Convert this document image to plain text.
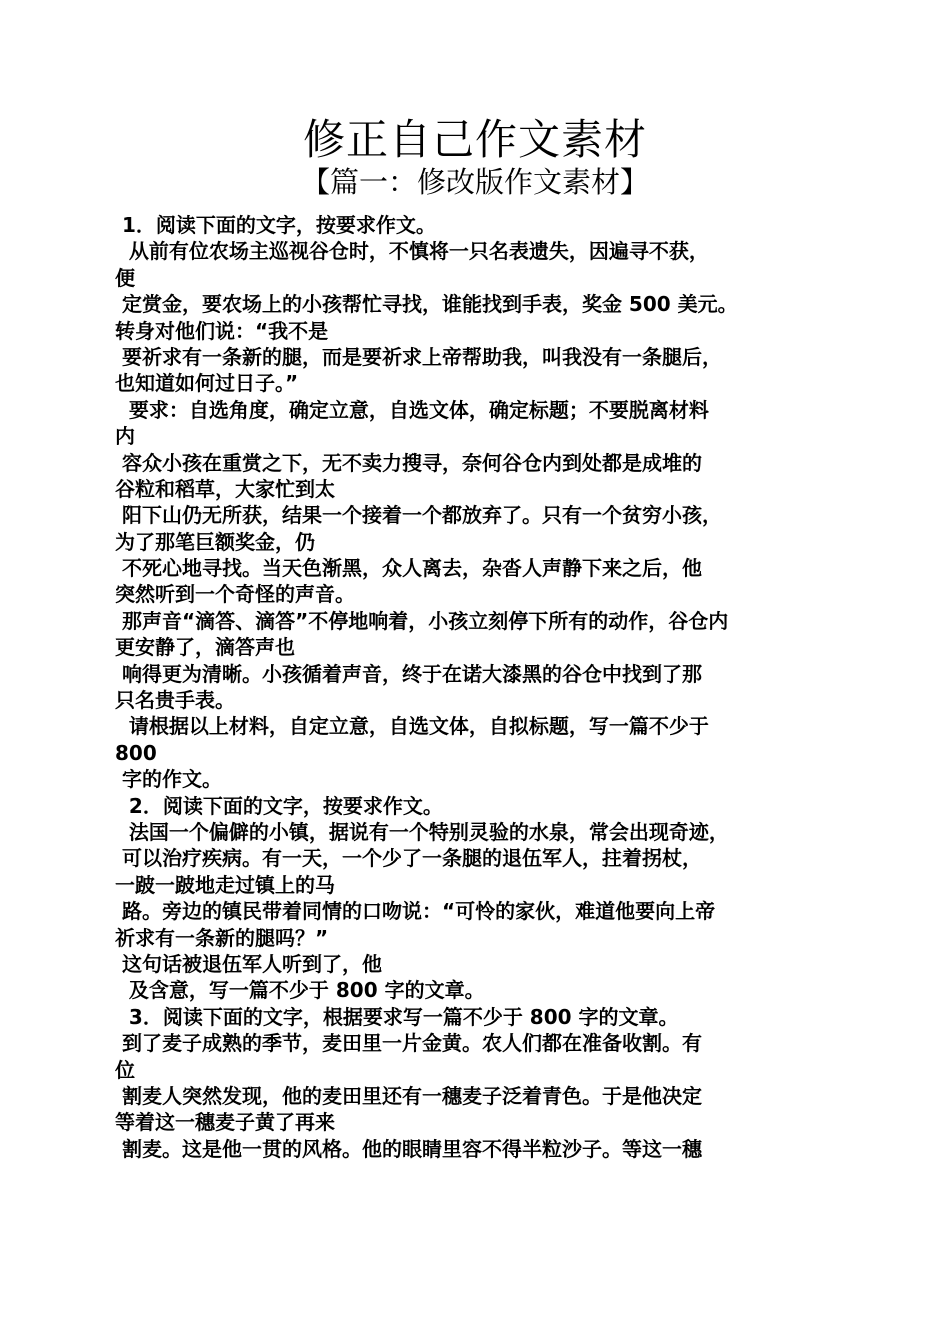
修正自己作文素材
【篇一：修改版作文素材】
1．阅读下面的文字，按要求作文。
从前有位农场主巡视谷仓时，不慎将一只名表遗失，因遍寻不获，
便
定赏金，要农场上的小孩帮忙寻找，谁能找到手表，奖金 500 美元。
转身对他们说：“我不是
要祈求有一条新的腿，而是要祈求上帝帮助我，叫我没有一条腿后，
也知道如何过日子。”
要求：自选角度，确定立意，自选文体，确定标题；不要脱离材料
内
容众小孩在重赏之下，无不卖力搜寻，奈何谷仓内到处都是成堆的
谷粒和稻草，大家忙到太
阳下山仍无所获，结果一个接着一个都放弃了。只有一个贫穷小孩，
为了那笔巨额奖金，仍
不死心地寻找。当天色渐黑，众人离去，杂沓人声静下来之后，他
突然听到一个奇怪的声音。
那声音“滴答、滴答”不停地响着，小孩立刻停下所有的动作，谷仓内
更安静了，滴答声也
响得更为清晰。小孩循着声音，终于在诺大漆黑的谷仓中找到了那
只名贵手表。
请根据以上材料，自定立意，自选文体，自拟标题，写一篇不少于
800
字的作文。
2．阅读下面的文字，按要求作文。
法国一个偏僻的小镇，据说有一个特别灵验的水泉，常会出现奇迹，
可以治疗疾病。有一天，一个少了一条腿的退伍军人，拄着拐杖，
一跛一跛地走过镇上的马
路。旁边的镇民带着同情的口吻说：“可怜的家伙，难道他要向上帝
祈求有一条新的腿吗？”
这句话被退伍军人听到了，他
及含意，写一篇不少于 800 字的文章。
3．阅读下面的文字，根据要求写一篇不少于 800 字的文章。
到了麦子成熟的季节，麦田里一片金黄。农人们都在准备收割。有
位
割麦人突然发现，他的麦田里还有一穗麦子泛着青色。于是他决定
等着这一穗麦子黄了再来
割麦。这是他一贯的风格。他的眼睛里容不得半粒沙子。等这一穗
